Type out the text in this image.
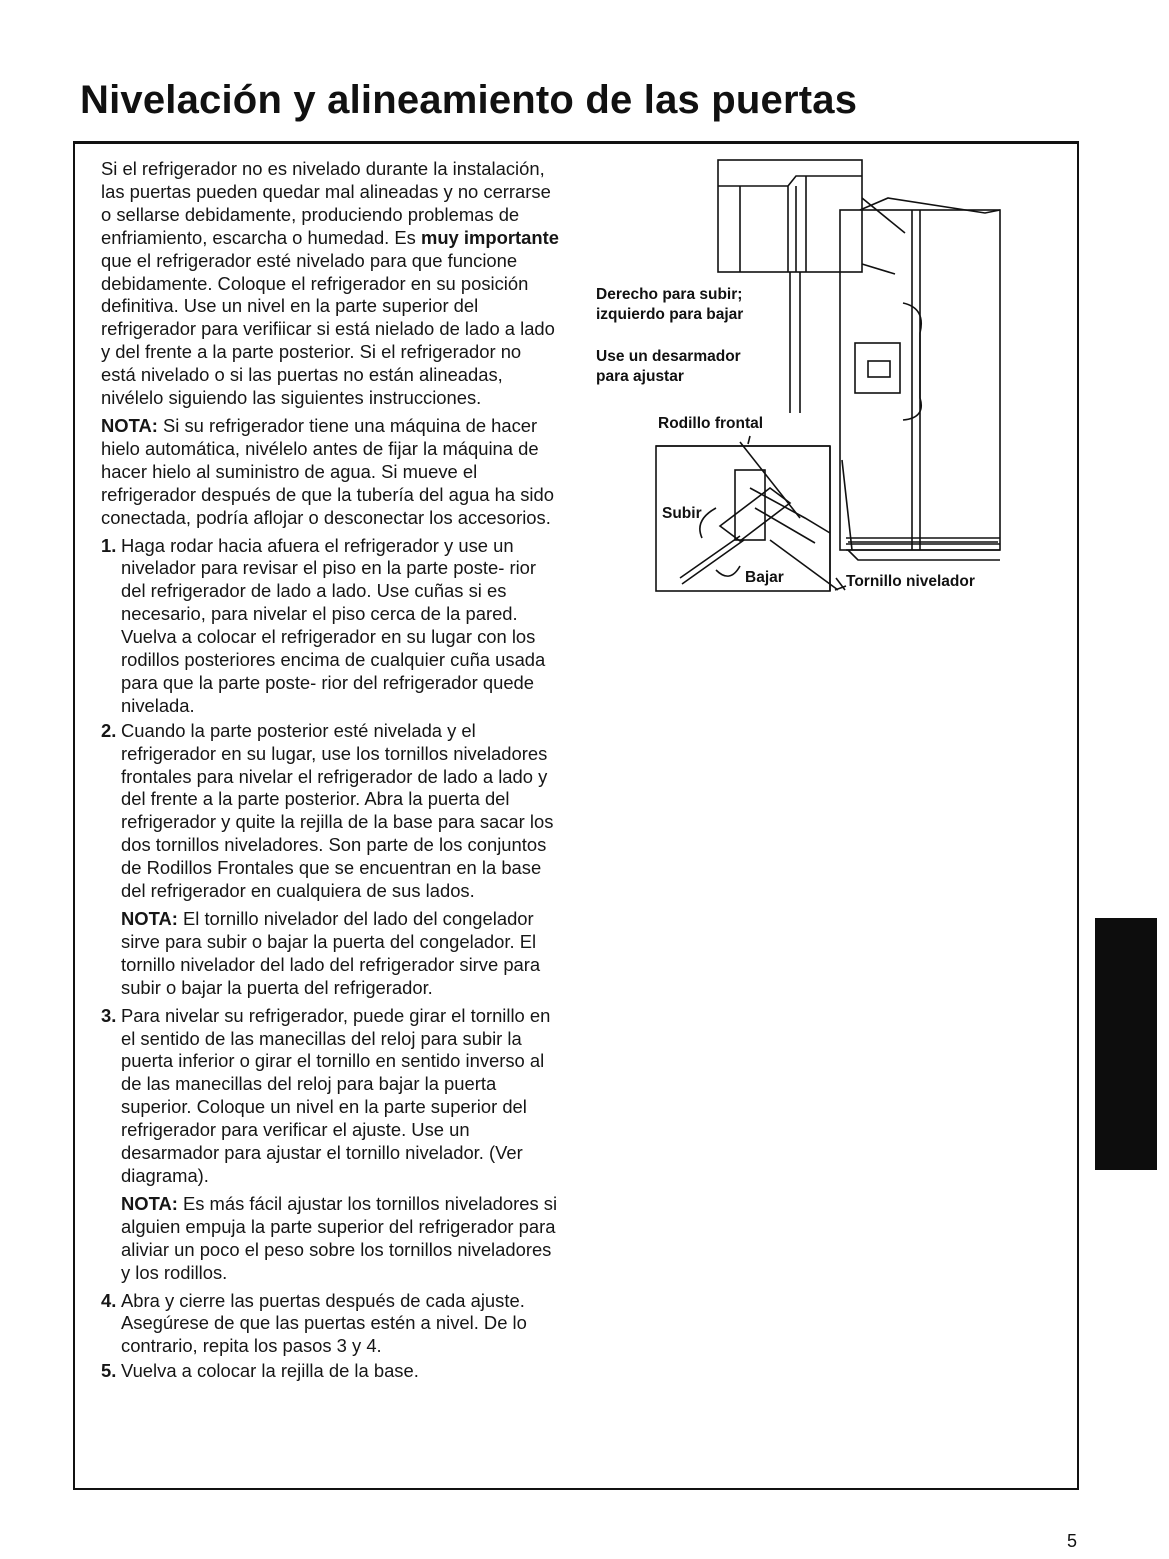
Nivelación y alineamiento de las puertas

Si el refrigerador no es nivelado durante la instalación, las puertas pueden quedar mal alineadas y no cerrarse o sellarse debidamente, produciendo problemas de enfriamiento, escarcha o humedad. Es muy importante que el refrigerador esté nivelado para que funcione debidamente. Coloque el refrigerador en su posición definitiva. Use un nivel en la parte superior del refrigerador para verifiicar si está nielado de lado a lado y del frente a la parte posterior. Si el refrigerador no está nivelado o si las puertas no están alineadas, nivélelo siguiendo las siguientes instrucciones.

NOTA: Si su refrigerador tiene una máquina de hacer hielo automática, nivélelo antes de fijar la máquina de hacer hielo al suministro de agua. Si mueve el refrigerador después de que la tubería del agua ha sido conectada, podría aflojar o desconectar los accesorios.

1. Haga rodar hacia afuera el refrigerador y use un nivelador para revisar el piso en la parte poste- rior del refrigerador de lado a lado. Use cuñas si es necesario, para nivelar el piso cerca de la pared. Vuelva a colocar el refrigerador en su lugar con los rodillos posteriores encima de cualquier cuña usada para que la parte poste- rior del refrigerador quede nivelada.
2. Cuando la parte posterior esté nivelada y el refrigerador en su lugar, use los tornillos niveladores frontales para nivelar el refrigerador de lado a lado y del frente a la parte posterior. Abra la puerta del refrigerador y quite la rejilla de la base para sacar los dos tornillos niveladores. Son parte de los conjuntos de Rodillos Frontales que se encuentran en la base del refrigerador en cualquiera de sus lados.
NOTA: El tornillo nivelador del lado del congelador sirve para subir o bajar la puerta del congelador. El tornillo nivelador del lado del refrigerador sirve para subir o bajar la puerta del refrigerador.
3. Para nivelar su refrigerador, puede girar el tornillo en el sentido de las manecillas del reloj para subir la puerta inferior o girar el tornillo en sentido inverso al de las manecillas del reloj para bajar la puerta superior. Coloque un nivel en la parte superior del refrigerador para verificar el ajuste. Use un desarmador para ajustar el tornillo nivelador. (Ver diagrama).
NOTA: Es más fácil ajustar los tornillos niveladores si alguien empuja la parte superior del refrigerador para aliviar un poco el peso sobre los tornillos niveladores y los rodillos.
4. Abra y cierre las puertas después de cada ajuste. Asegúrese de que las puertas estén a nivel. De lo contrario, repita los pasos 3 y 4.
5. Vuelva a colocar la rejilla de la base.
Derecho para subir;
izquierdo para bajar
Use un desarmador
para ajustar
Rodillo frontal
Subir
Bajar	Tornillo nivelador
5
